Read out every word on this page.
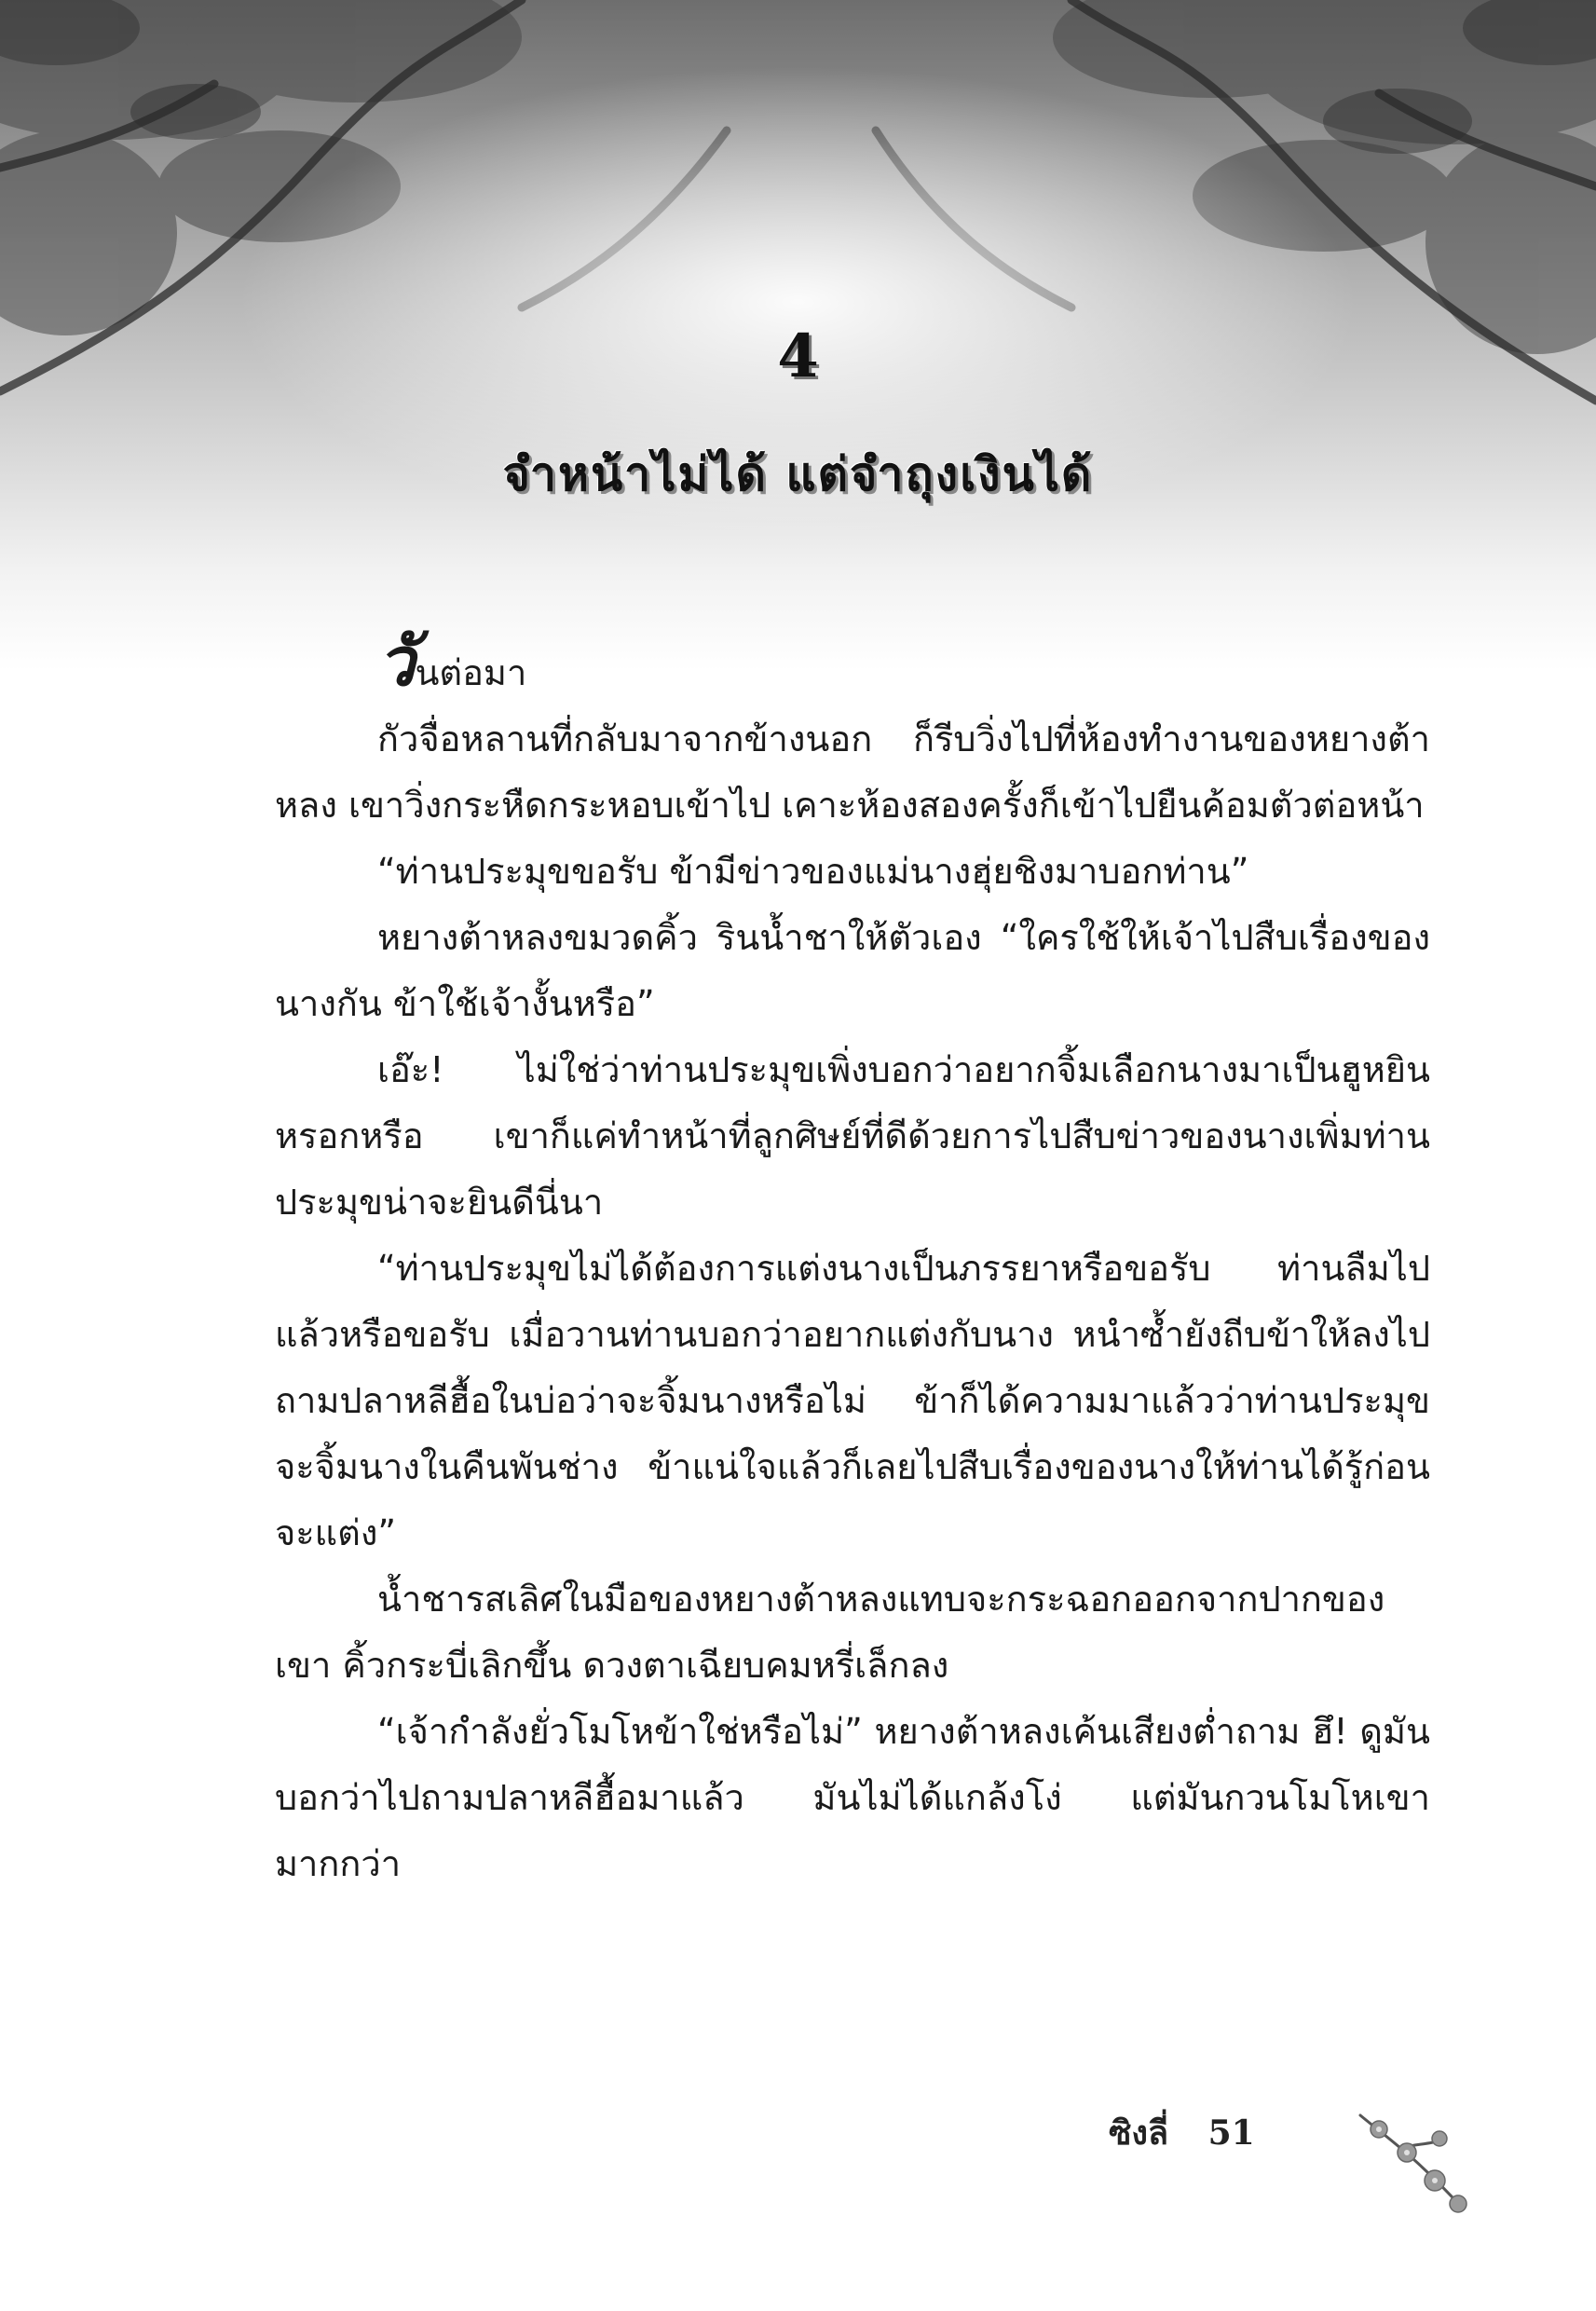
4
จำหน้าไม่ได้ แต่จำถุงเงินได้

วันต่อมา

กัวจื่อหลานที่กลับมาจากข้างนอก ก็รีบวิ่งไปที่ห้องทำงานของหยางต้าหลง เขาวิ่งกระหืดกระหอบเข้าไป เคาะห้องสองครั้งก็เข้าไปยืนค้อมตัวต่อหน้า

“ท่านประมุขขอรับ ข้ามีข่าวของแม่นางฮุ่ยชิงมาบอกท่าน”

หยางต้าหลงขมวดคิ้ว รินน้ำชาให้ตัวเอง “ใครใช้ให้เจ้าไปสืบเรื่องของนางกัน ข้าใช้เจ้างั้นหรือ”

เอ๊ะ! ไม่ใช่ว่าท่านประมุขเพิ่งบอกว่าอยากจิ้มเลือกนางมาเป็นฮูหยินหรอกหรือ เขาก็แค่ทำหน้าที่ลูกศิษย์ที่ดีด้วยการไปสืบข่าวของนางเพิ่มท่านประมุขน่าจะยินดีนี่นา

“ท่านประมุขไม่ได้ต้องการแต่งนางเป็นภรรยาหรือขอรับ ท่านลืมไปแล้วหรือขอรับ เมื่อวานท่านบอกว่าอยากแต่งกับนาง หนำซ้ำยังถีบข้าให้ลงไปถามปลาหลีฮื้อในบ่อว่าจะจิ้มนางหรือไม่ ข้าก็ได้ความมาแล้วว่าท่านประมุขจะจิ้มนางในคืนพันช่าง ข้าแน่ใจแล้วก็เลยไปสืบเรื่องของนางให้ท่านได้รู้ก่อนจะแต่ง”

น้ำชารสเลิศในมือของหยางต้าหลงแทบจะกระฉอกออกจากปากของเขา คิ้วกระบี่เลิกขึ้น ดวงตาเฉียบคมหรี่เล็กลง

“เจ้ากำลังยั่วโมโหข้าใช่หรือไม่” หยางต้าหลงเค้นเสียงต่ำถาม ฮึ! ดูมันบอกว่าไปถามปลาหลีฮื้อมาแล้ว มันไม่ได้แกล้งโง่ แต่มันกวนโมโหเขามากกว่า

ซิงลี่ 51
